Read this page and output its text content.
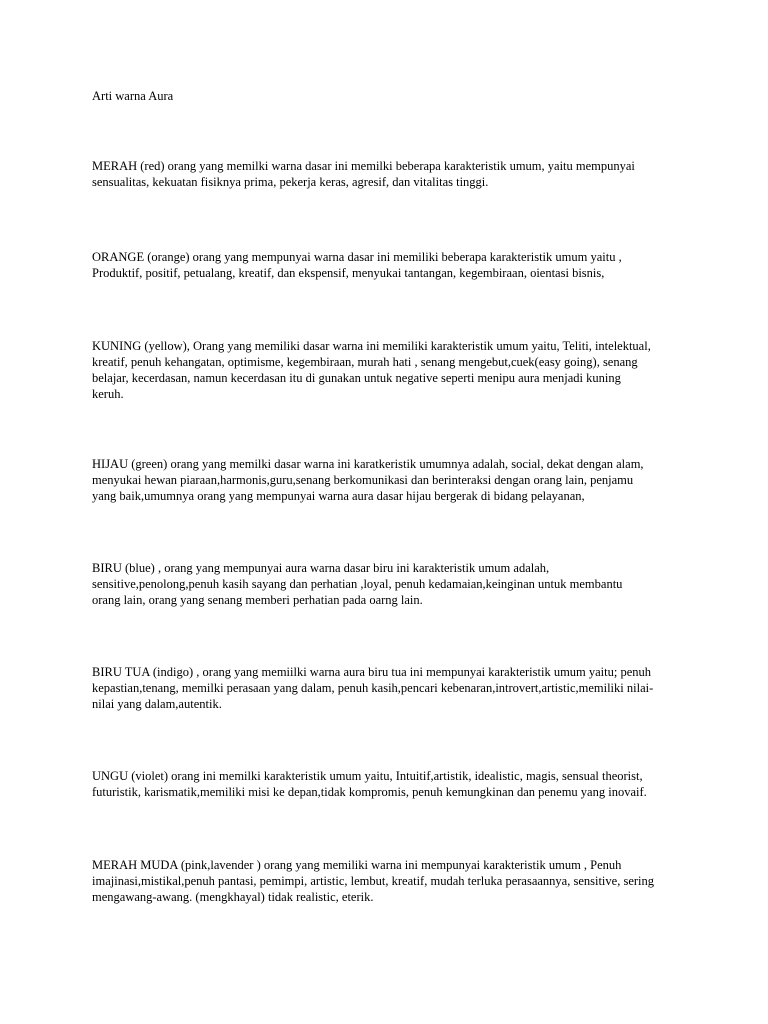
Arti warna Aura
MERAH (red) orang yang memilki warna dasar ini memilki beberapa karakteristik umum, yaitu mempunyai
sensualitas, kekuatan fisiknya prima, pekerja keras, agresif, dan vitalitas tinggi.
ORANGE (orange) orang yang mempunyai warna dasar ini memiliki beberapa karakteristik umum yaitu ,
Produktif, positif, petualang, kreatif, dan ekspensif, menyukai tantangan, kegembiraan, oientasi bisnis,
KUNING (yellow), Orang yang memiliki dasar warna ini memiliki karakteristik umum yaitu, Teliti, intelektual,
kreatif, penuh kehangatan, optimisme, kegembiraan, murah hati , senang mengebut,cuek(easy going), senang
belajar, kecerdasan, namun kecerdasan itu di gunakan untuk negative seperti menipu aura menjadi kuning
keruh.
HIJAU (green) orang yang memilki dasar warna ini karatkeristik umumnya adalah, social, dekat dengan alam,
menyukai hewan piaraan,harmonis,guru,senang berkomunikasi dan berinteraksi dengan orang lain, penjamu
yang baik,umumnya orang yang mempunyai warna aura dasar hijau bergerak di bidang pelayanan,
BIRU (blue) , orang yang mempunyai aura warna dasar biru ini karakteristik umum adalah,
sensitive,penolong,penuh kasih sayang dan perhatian ,loyal, penuh kedamaian,keinginan untuk membantu
orang lain, orang yang senang memberi perhatian pada oarng lain.
BIRU TUA (indigo) , orang yang memiilki warna aura biru tua ini mempunyai karakteristik umum yaitu; penuh
kepastian,tenang, memilki perasaan yang dalam, penuh kasih,pencari kebenaran,introvert,artistic,memiliki nilai-
nilai yang dalam,autentik.
UNGU (violet) orang ini memilki karakteristik umum yaitu, Intuitif,artistik, idealistic, magis, sensual theorist,
futuristik, karismatik,memiliki misi ke depan,tidak kompromis, penuh kemungkinan dan penemu yang inovaif.
MERAH MUDA (pink,lavender ) orang yang memiliki warna ini mempunyai karakteristik umum , Penuh
imajinasi,mistikal,penuh pantasi, pemimpi, artistic, lembut, kreatif, mudah terluka perasaannya, sensitive, sering
mengawang-awang. (mengkhayal) tidak realistic, eterik.
